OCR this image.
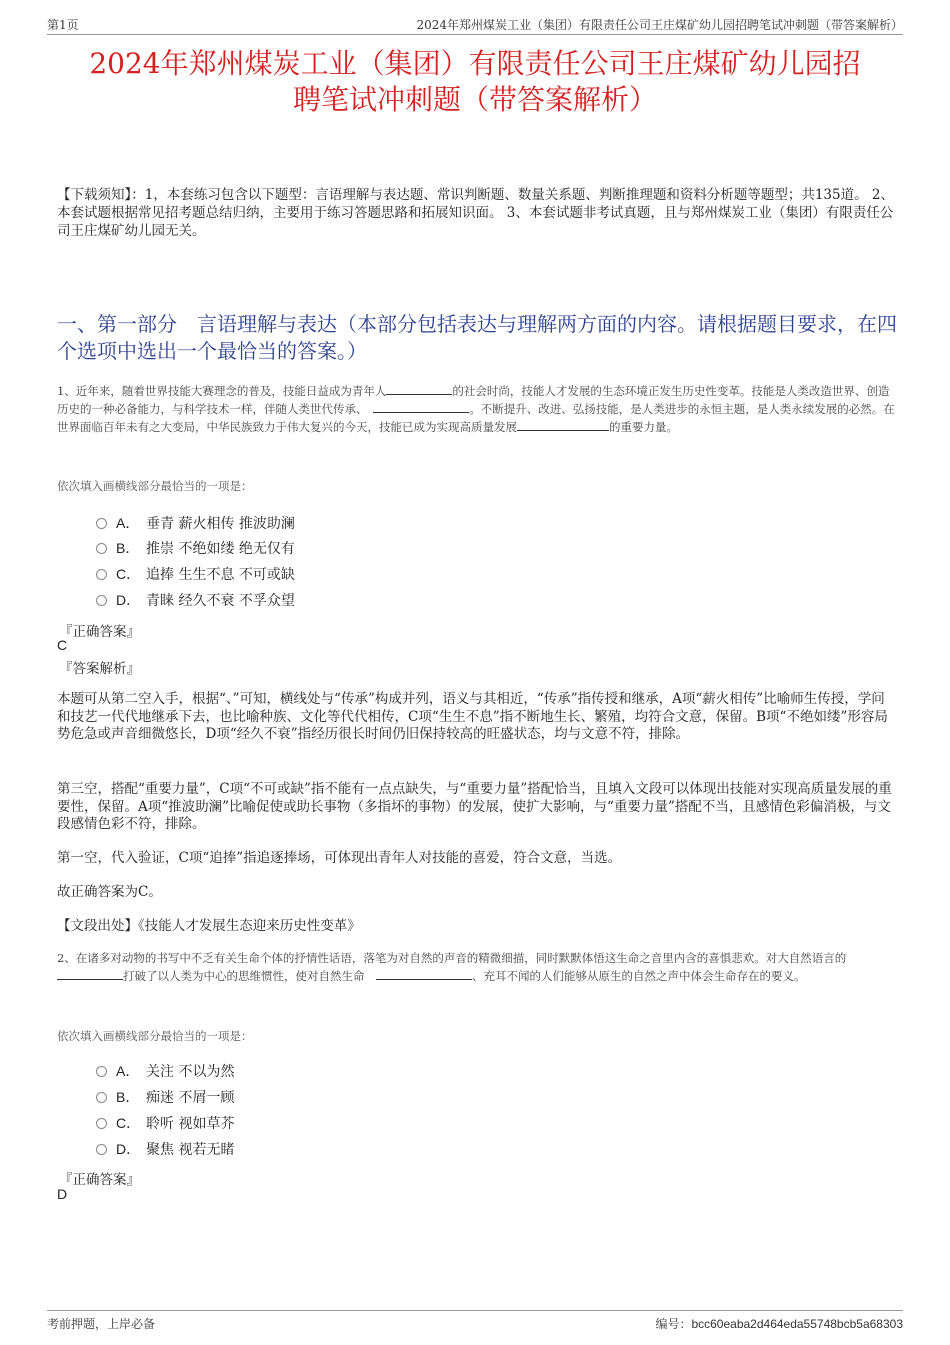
第1页	2024年郑州煤炭工业（集团）有限责任公司王庄煤矿幼儿园招聘笔试冲刺题（带答案解析）
2024年郑州煤炭工业（集团）有限责任公司王庄煤矿幼儿园招
聘笔试冲刺题（带答案解析）
【下载须知】：1，本套练习包含以下题型：言语理解与表达题、常识判断题、数量关系题、判断推理题和资料分析题等题型；共135道。 2、本套试题根据常见招考题总结归纳，主要用于练习答题思路和拓展知识面。 3、本套试题非考试真题，且与郑州煤炭工业（集团）有限责任公司王庄煤矿幼儿园无关。
一、第一部分　言语理解与表达（本部分包括表达与理解两方面的内容。请根据题目要求，在四个选项中选出一个最恰当的答案。）
1、近年来，随着世界技能大赛理念的普及，技能日益成为青年人	的社会时尚，技能人才发展的生态环境正发生历史性变革。技能是人类改造世界、创造历史的一种必备能力，与科学技术一样，伴随人类世代传承、　	。不断提升、改进、弘扬技能，是人类进步的永恒主题，是人类永续发展的必然。在世界面临百年未有之大变局，中华民族致力于伟大复兴的今天，技能已成为实现高质量发展	的重要力量。
依次填入画横线部分最恰当的一项是：
A． 垂青 薪火相传 推波助澜
B． 推崇 不绝如缕 绝无仅有
C． 追捧 生生不息 不可或缺
D． 青睐 经久不衰 不孚众望
『正确答案』
C
『答案解析』
本题可从第二空入手，根据“、”可知，横线处与“传承”构成并列，语义与其相近，“传承”指传授和继承，A项“薪火相传”比喻师生传授，学问和技艺一代代地继承下去，也比喻种族、文化等代代相传，C项“生生不息”指不断地生长、繁殖，均符合文意，保留。B项“不绝如缕”形容局势危急或声音细微悠长，D项“经久不衰”指经历很长时间仍旧保持较高的旺盛状态，均与文意不符，排除。
第三空，搭配“重要力量”，C项“不可或缺”指不能有一点点缺失，与“重要力量”搭配恰当，且填入文段可以体现出技能对实现高质量发展的重要性，保留。A项“推波助澜”比喻促使或助长事物（多指坏的事物）的发展，使扩大影响，与“重要力量”搭配不当，且感情色彩偏消极，与文段感情色彩不符，排除。
第一空，代入验证，C项“追捧”指追逐捧场，可体现出青年人对技能的喜爱，符合文意，当选。
故正确答案为C。
【文段出处】《技能人才发展生态迎来历史性变革》
2、在诸多对动物的书写中不乏有关生命个体的抒情性话语，落笔为对自然的声音的精微细描，同时默默体悟这生命之音里内含的喜惧悲欢。对大自然语言的打破了以人类为中心的思维惯性，使对自然生命　	、充耳不闻的人们能够从原生的自然之声中体会生命存在的要义。
依次填入画横线部分最恰当的一项是：
A． 关注 不以为然
B． 痴迷 不屑一顾
C． 聆听 视如草芥
D． 聚焦 视若无睹
『正确答案』
D
考前押题，上岸必备	编号：bcc60eaba2d464eda55748bcb5a68303
